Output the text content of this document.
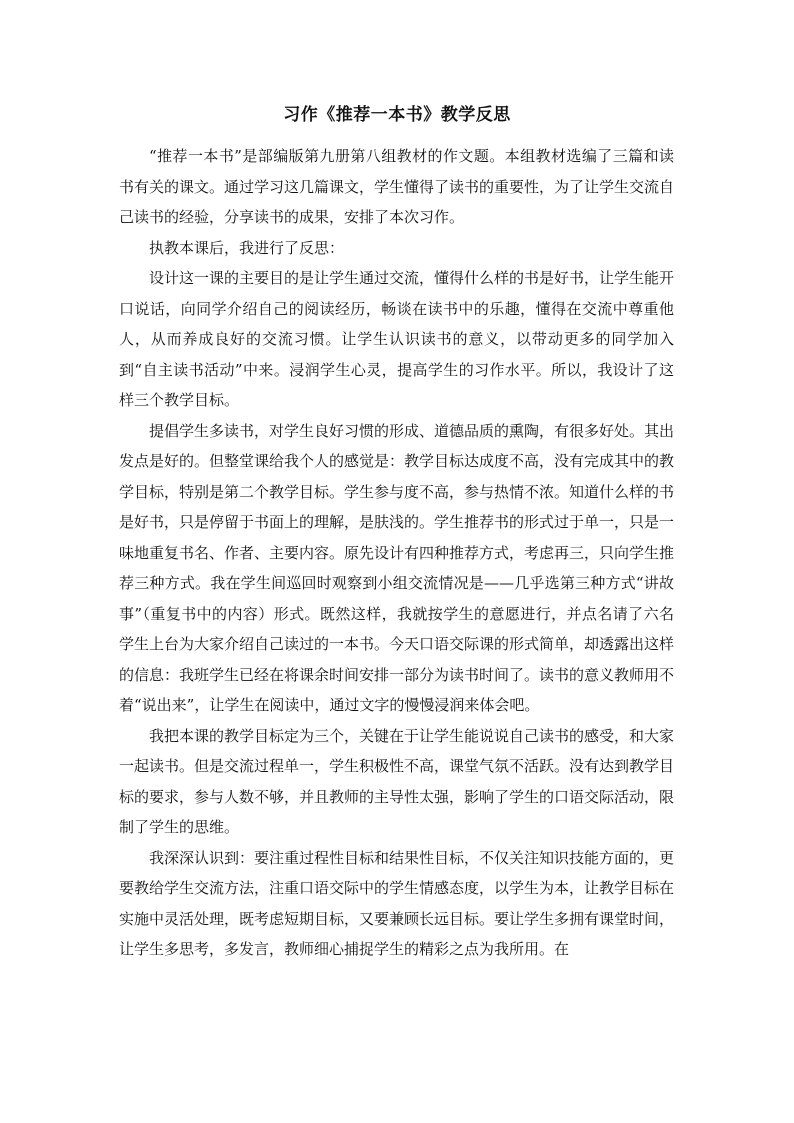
习作《推荐一本书》教学反思

“推荐一本书”是部编版第九册第八组教材的作文题。本组教材选编了三篇和读书有关的课文。通过学习这几篇课文，学生懂得了读书的重要性，为了让学生交流自己读书的经验，分享读书的成果，安排了本次习作。

执教本课后，我进行了反思：

设计这一课的主要目的是让学生通过交流，懂得什么样的书是好书，让学生能开口说话，向同学介绍自己的阅读经历，畅谈在读书中的乐趣，懂得在交流中尊重他人，从而养成良好的交流习惯。让学生认识读书的意义，以带动更多的同学加入到“自主读书活动”中来。浸润学生心灵，提高学生的习作水平。所以，我设计了这样三个教学目标。

提倡学生多读书，对学生良好习惯的形成、道德品质的熏陶，有很多好处。其出发点是好的。但整堂课给我个人的感觉是：教学目标达成度不高，没有完成其中的教学目标，特别是第二个教学目标。学生参与度不高，参与热情不浓。知道什么样的书是好书，只是停留于书面上的理解，是肤浅的。学生推荐书的形式过于单一，只是一味地重复书名、作者、主要内容。原先设计有四种推荐方式，考虑再三，只向学生推荐三种方式。我在学生间巡回时观察到小组交流情况是——几乎选第三种方式“讲故事”（重复书中的内容）形式。既然这样，我就按学生的意愿进行，并点名请了六名学生上台为大家介绍自己读过的一本书。今天口语交际课的形式简单，却透露出这样的信息：我班学生已经在将课余时间安排一部分为读书时间了。读书的意义教师用不着“说出来”，让学生在阅读中，通过文字的慢慢浸润来体会吧。

我把本课的教学目标定为三个，关键在于让学生能说说自己读书的感受，和大家一起读书。但是交流过程单一，学生积极性不高，课堂气氛不活跃。没有达到教学目标的要求，参与人数不够，并且教师的主导性太强，影响了学生的口语交际活动，限制了学生的思维。

我深深认识到：要注重过程性目标和结果性目标，不仅关注知识技能方面的，更要教给学生交流方法，注重口语交际中的学生情感态度，以学生为本，让教学目标在实施中灵活处理，既考虑短期目标，又要兼顾长远目标。要让学生多拥有课堂时间，让学生多思考，多发言，教师细心捕捉学生的精彩之点为我所用。在
